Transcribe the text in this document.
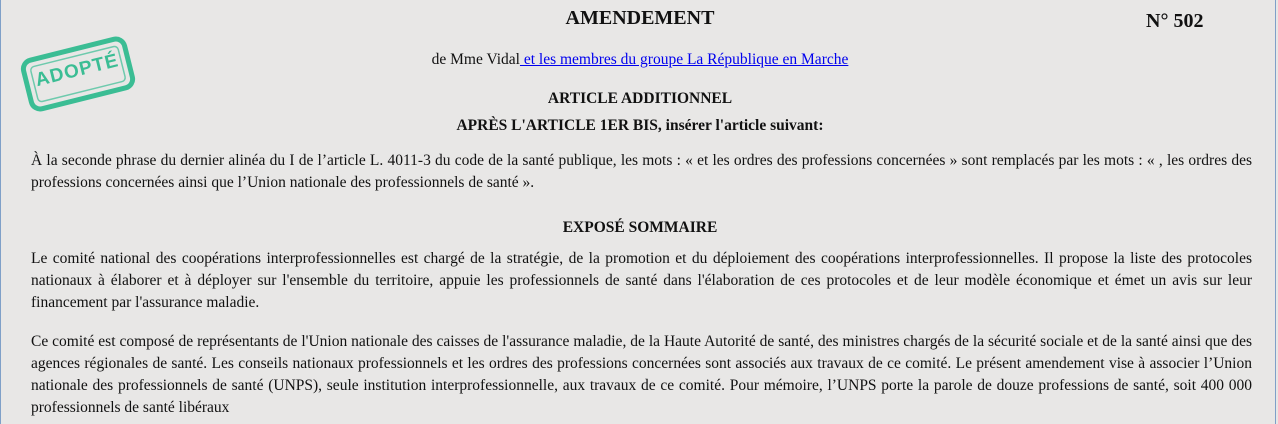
AMENDEMENT	N° 502
ADOPTÉ	de Mme Vidal et les membres du groupe La République en Marche
ARTICLE ADDITIONNEL
APRÈS L'ARTICLE 1ER BIS, insérer l'article suivant:

À la seconde phrase du dernier alinéa du I de l’article L. 4011-3 du code de la santé publique, les mots : « et les ordres des professions concernées » sont remplacés par les mots : « , les ordres des professions concernées ainsi que l’Union nationale des professionnels de santé ».

EXPOSÉ SOMMAIRE

Le comité national des coopérations interprofessionnelles est chargé de la stratégie, de la promotion et du déploiement des coopérations interprofessionnelles. Il propose la liste des protocoles nationaux à élaborer et à déployer sur l'ensemble du territoire, appuie les professionnels de santé dans l'élaboration de ces protocoles et de leur modèle économique et émet un avis sur leur financement par l'assurance maladie.

Ce comité est composé de représentants de l'Union nationale des caisses de l'assurance maladie, de la Haute Autorité de santé, des ministres chargés de la sécurité sociale et de la santé ainsi que des agences régionales de santé. Les conseils nationaux professionnels et les ordres des professions concernées sont associés aux travaux de ce comité. Le présent amendement vise à associer l’Union nationale des professionnels de santé (UNPS), seule institution interprofessionnelle, aux travaux de ce comité. Pour mémoire, l’UNPS porte la parole de douze professions de santé, soit 400 000 professionnels de santé libéraux
